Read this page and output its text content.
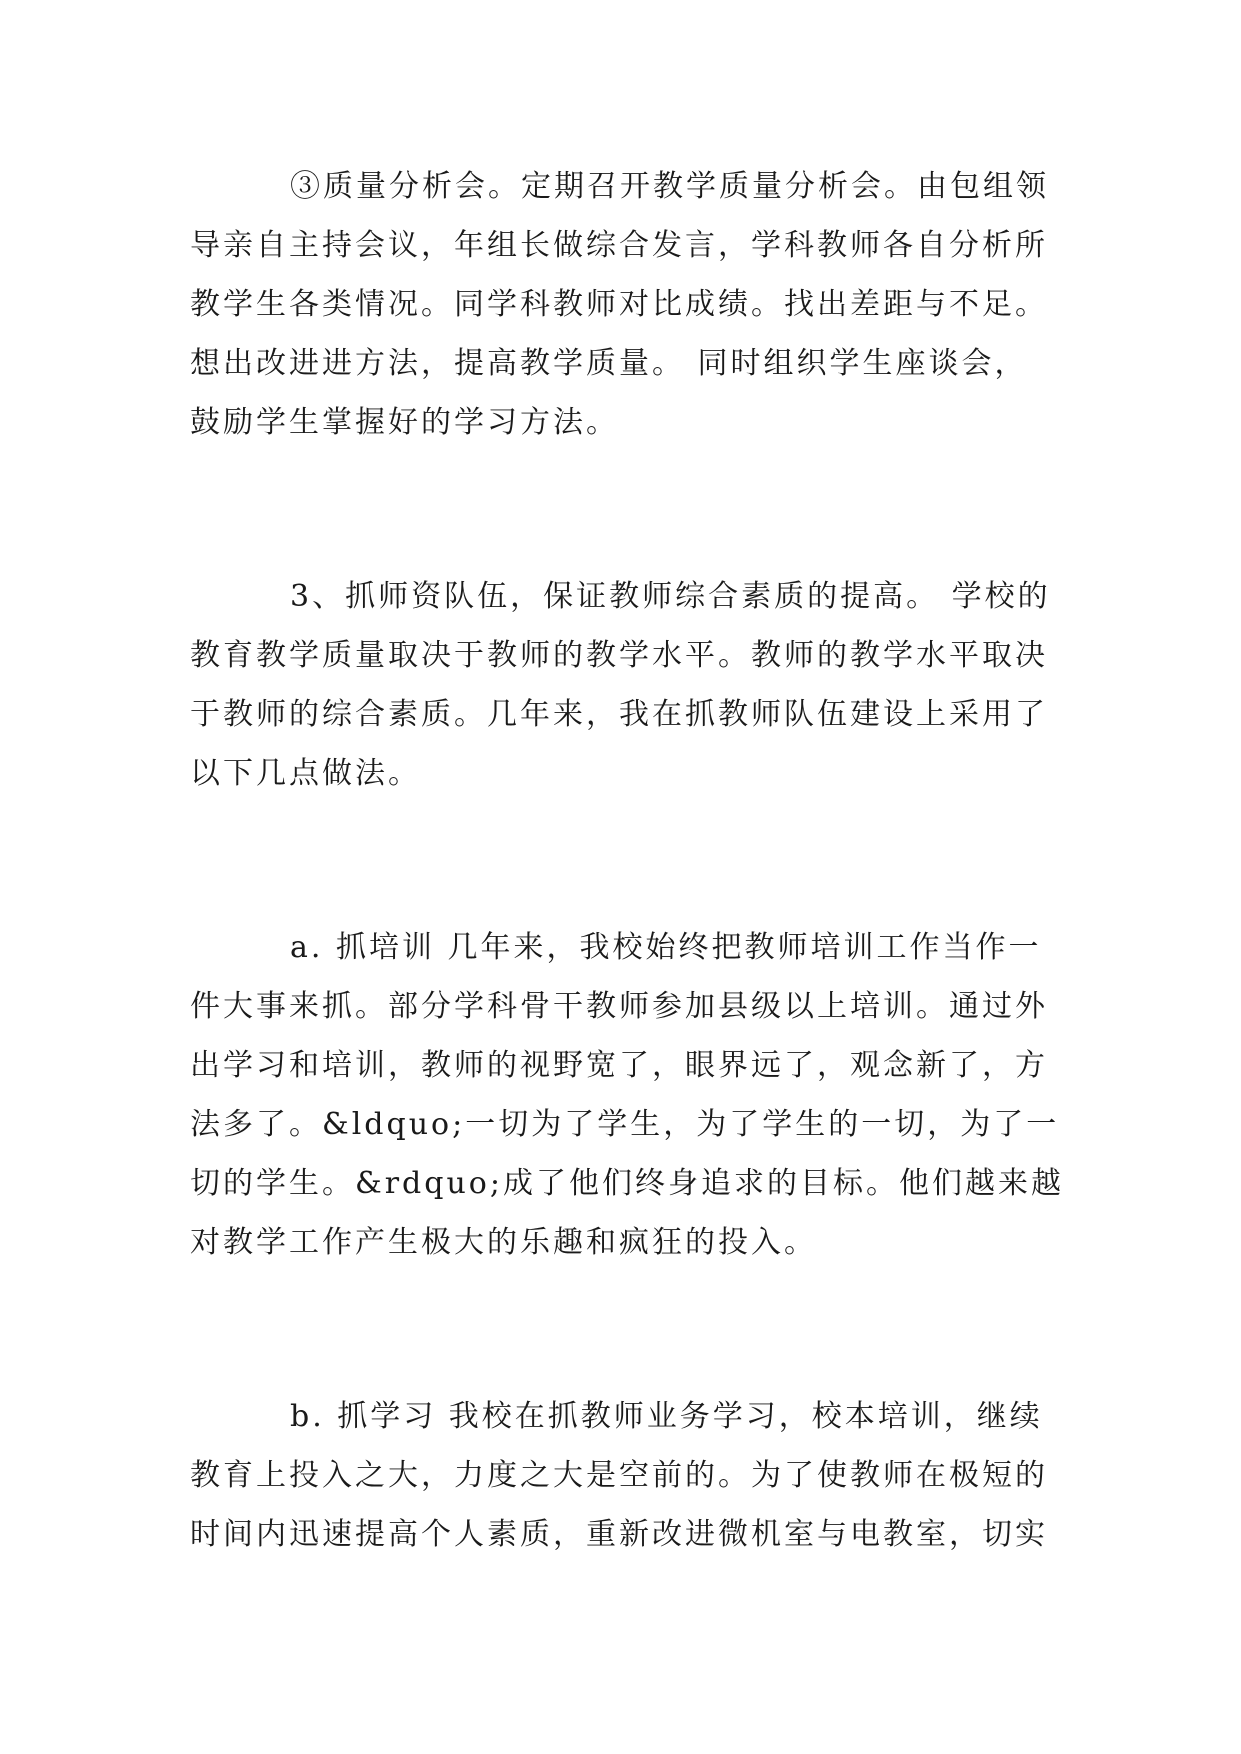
③质量分析会。定期召开教学质量分析会。由包组领
导亲自主持会议，年组长做综合发言，学科教师各自分析所
教学生各类情况。同学科教师对比成绩。找出差距与不足。
想出改进进方法，提高教学质量。 同时组织学生座谈会，
鼓励学生掌握好的学习方法。
3、抓师资队伍，保证教师综合素质的提高。 学校的
教育教学质量取决于教师的教学水平。教师的教学水平取决
于教师的综合素质。几年来，我在抓教师队伍建设上采用了
以下几点做法。
a. 抓培训 几年来，我校始终把教师培训工作当作一
件大事来抓。部分学科骨干教师参加县级以上培训。通过外
出学习和培训，教师的视野宽了，眼界远了，观念新了，方
法多了。&ldquo;一切为了学生，为了学生的一切，为了一
切的学生。&rdquo;成了他们终身追求的目标。他们越来越
对教学工作产生极大的乐趣和疯狂的投入。
b. 抓学习 我校在抓教师业务学习，校本培训，继续
教育上投入之大，力度之大是空前的。为了使教师在极短的
时间内迅速提高个人素质，重新改进微机室与电教室，切实
